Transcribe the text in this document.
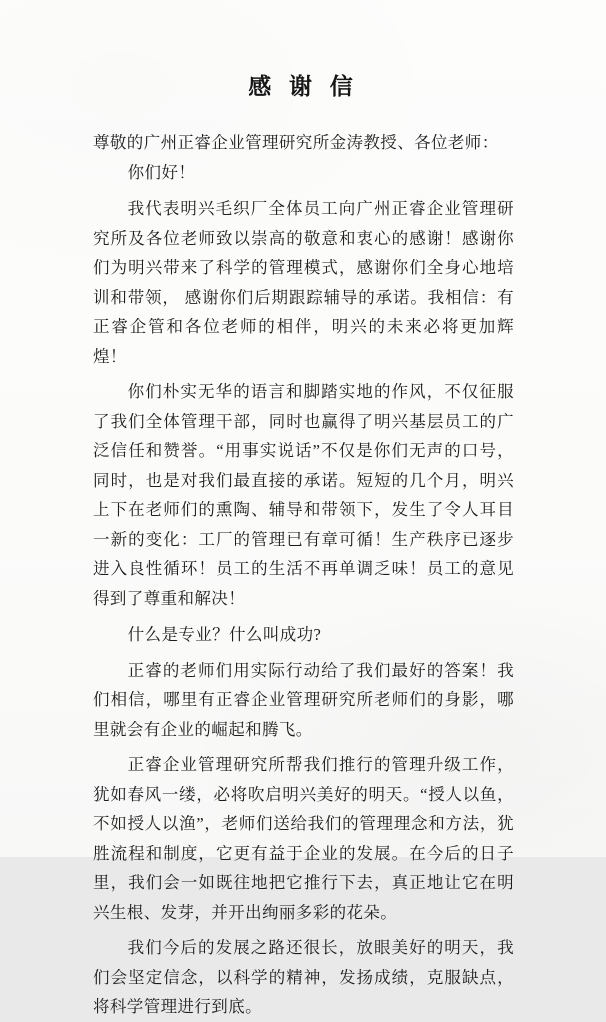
感 谢 信

尊敬的广州正睿企业管理研究所金涛教授、各位老师：

你们好！

我代表明兴毛织厂全体员工向广州正睿企业管理研究所及各位老师致以崇高的敬意和衷心的感谢！感谢你们为明兴带来了科学的管理模式，感谢你们全身心地培训和带领， 感谢你们后期跟踪辅导的承诺。我相信：有正睿企管和各位老师的相伴，明兴的未来必将更加辉煌！

你们朴实无华的语言和脚踏实地的作风，不仅征服了我们全体管理干部，同时也赢得了明兴基层员工的广泛信任和赞誉。“用事实说话”不仅是你们无声的口号，同时，也是对我们最直接的承诺。短短的几个月，明兴上下在老师们的熏陶、辅导和带领下，发生了令人耳目一新的变化：工厂的管理已有章可循！生产秩序已逐步进入良性循环！员工的生活不再单调乏味！员工的意见得到了尊重和解决！

什么是专业？什么叫成功?

正睿的老师们用实际行动给了我们最好的答案！我们相信，哪里有正睿企业管理研究所老师们的身影，哪里就会有企业的崛起和腾飞。

正睿企业管理研究所帮我们推行的管理升级工作，犹如春风一缕，必将吹启明兴美好的明天。“授人以鱼，不如授人以渔”，老师们送给我们的管理理念和方法，犹胜流程和制度，它更有益于企业的发展。在今后的日子里，我们会一如既往地把它推行下去，真正地让它在明兴生根、发芽，并开出绚丽多彩的花朵。

我们今后的发展之路还很长，放眼美好的明天，我们会坚定信念，以科学的精神，发扬成绩，克服缺点，将科学管理进行到底。
